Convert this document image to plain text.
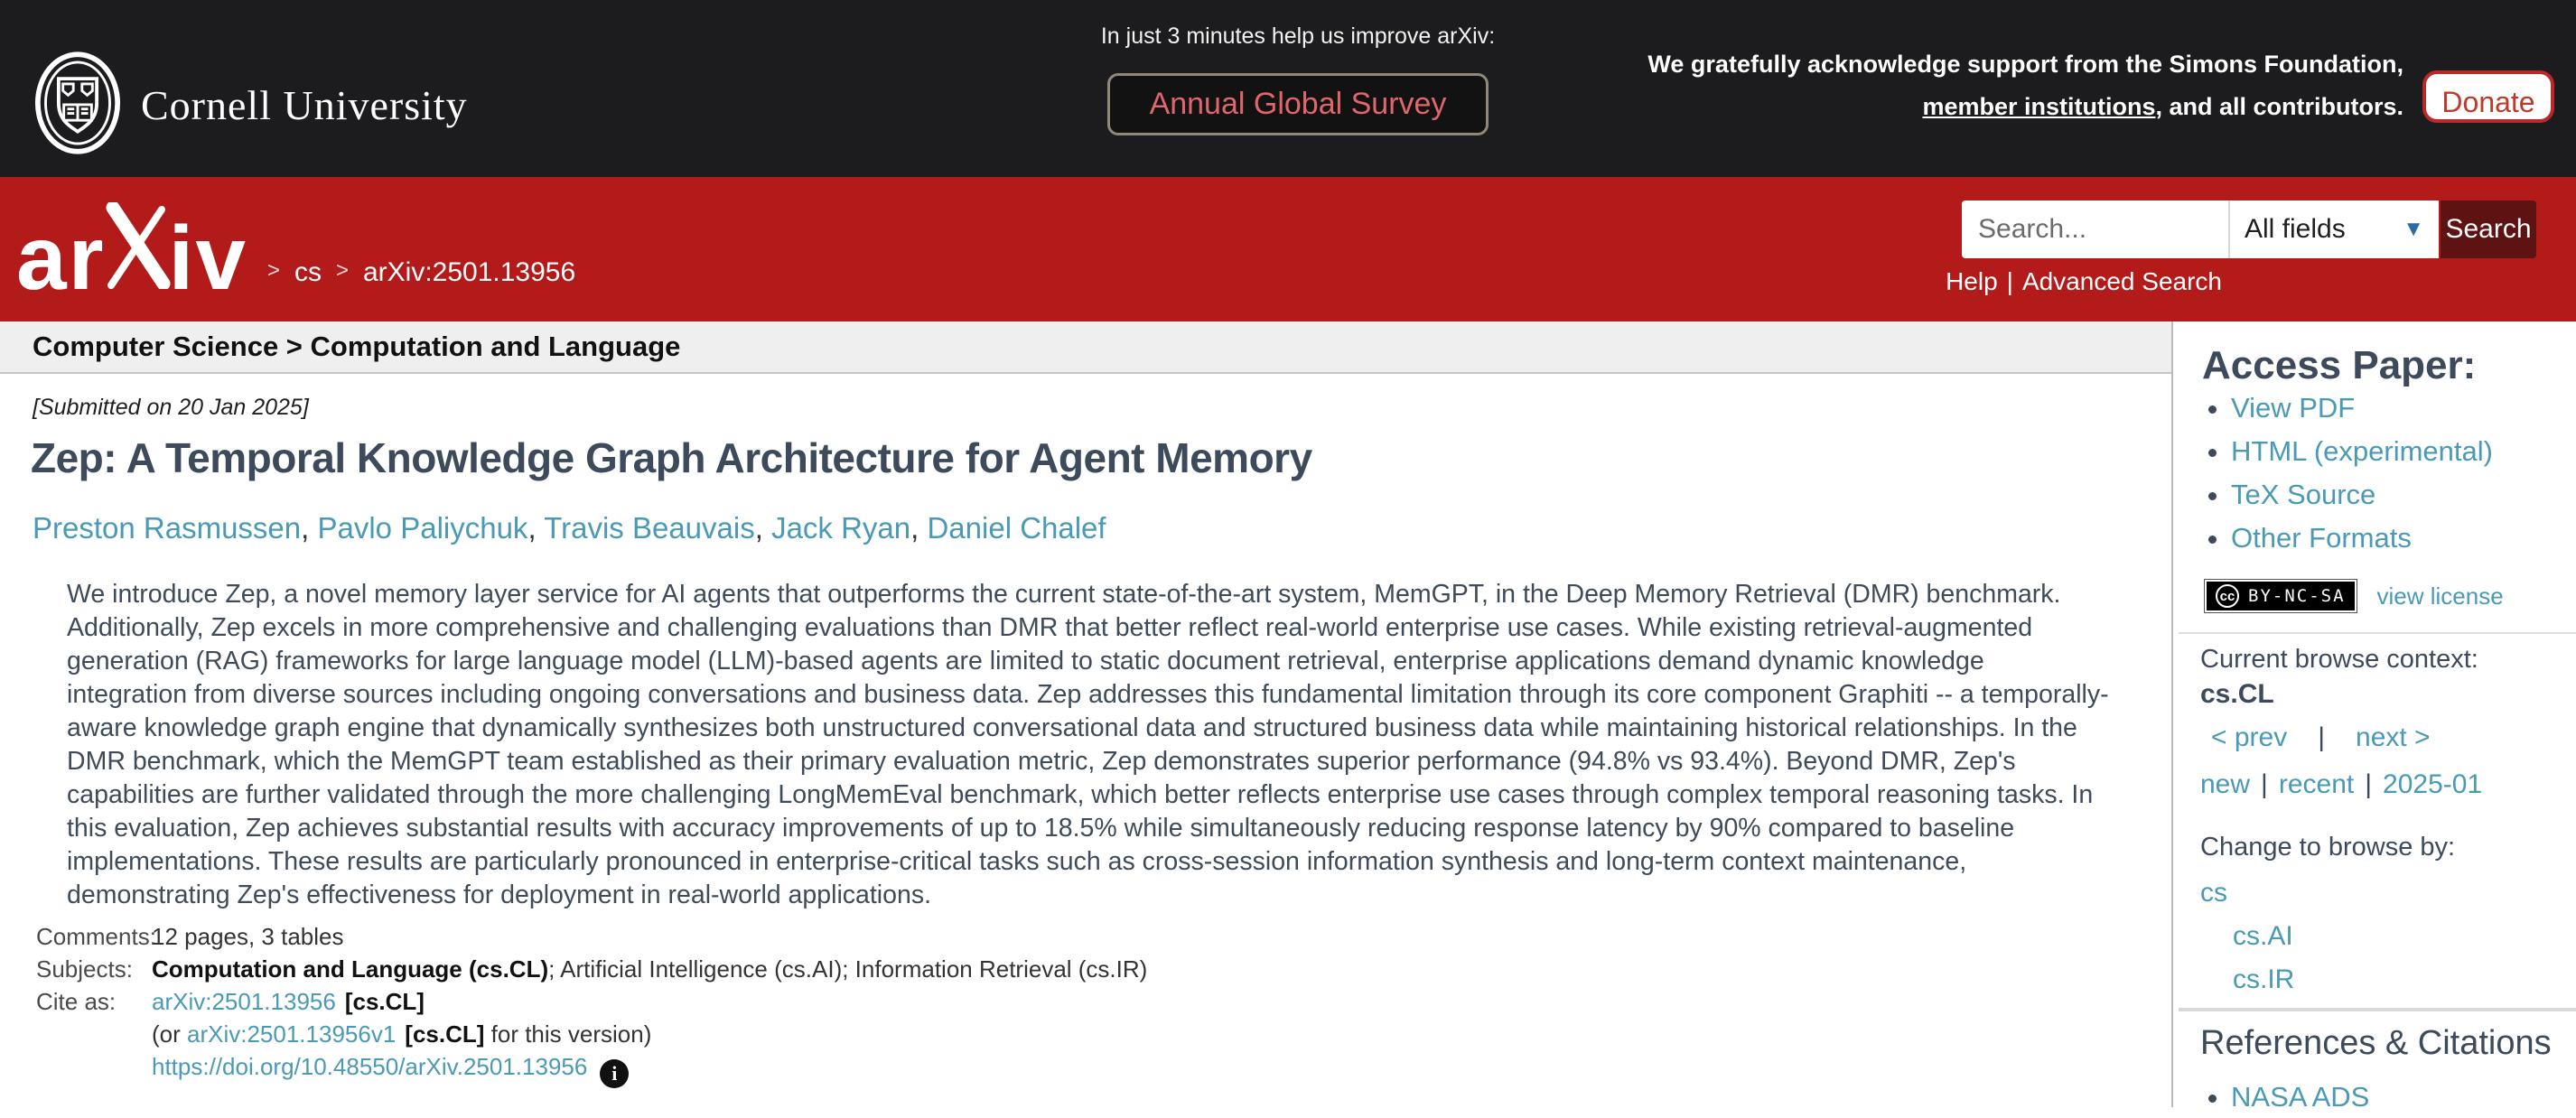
Cornell University
In just 3 minutes help us improve arXiv:
Annual Global Survey
We gratefully acknowledge support from the Simons Foundation,
member institutions, and all contributors.	Donate
ar iv > cs > arXiv:2501.13956
Search...
All fields	▼ Search
Help | Advanced Search
Computer Science > Computation and Language
[Submitted on 20 Jan 2025]
Zep: A Temporal Knowledge Graph Architecture for Agent Memory
Preston Rasmussen, Pavlo Paliychuk, Travis Beauvais, Jack Ryan, Daniel Chalef
We introduce Zep, a novel memory layer service for AI agents that outperforms the current state-of-the-art system, MemGPT, in the Deep Memory Retrieval (DMR) benchmark. Additionally, Zep excels in more comprehensive and challenging evaluations than DMR that better reflect real-world enterprise use cases. While existing retrieval-augmented generation (RAG) frameworks for large language model (LLM)-based agents are limited to static document retrieval, enterprise applications demand dynamic knowledge integration from diverse sources including ongoing conversations and business data. Zep addresses this fundamental limitation through its core component Graphiti -- a temporally-aware knowledge graph engine that dynamically synthesizes both unstructured conversational data and structured business data while maintaining historical relationships. In the DMR benchmark, which the MemGPT team established as their primary evaluation metric, Zep demonstrates superior performance (94.8% vs 93.4%). Beyond DMR, Zep's capabilities are further validated through the more challenging LongMemEval benchmark, which better reflects enterprise use cases through complex temporal reasoning tasks. In this evaluation, Zep achieves substantial results with accuracy improvements of up to 18.5% while simultaneously reducing response latency by 90% compared to baseline implementations. These results are particularly pronounced in enterprise-critical tasks such as cross-session information synthesis and long-term context maintenance, demonstrating Zep's effectiveness for deployment in real-world applications.
Comments:
12 pages, 3 tables
Subjects: Computation and Language (cs.CL); Artificial Intelligence (cs.AI); Information Retrieval (cs.IR)
Cite as:	arXiv:2501.13956 [cs.CL]
(or arXiv:2501.13956v1 [cs.CL] for this version)
https://doi.org/10.48550/arXiv.2501.13956 i
Access Paper:
• View PDF
• HTML (experimental)
• TeX Source
• Other Formats
cc BY-NC-SA view license
Current browse context:
cs.CL
< prev | next >
new | recent | 2025-01
Change to browse by:
cs
cs.AI
cs.IR
References & Citations
• NASA ADS
